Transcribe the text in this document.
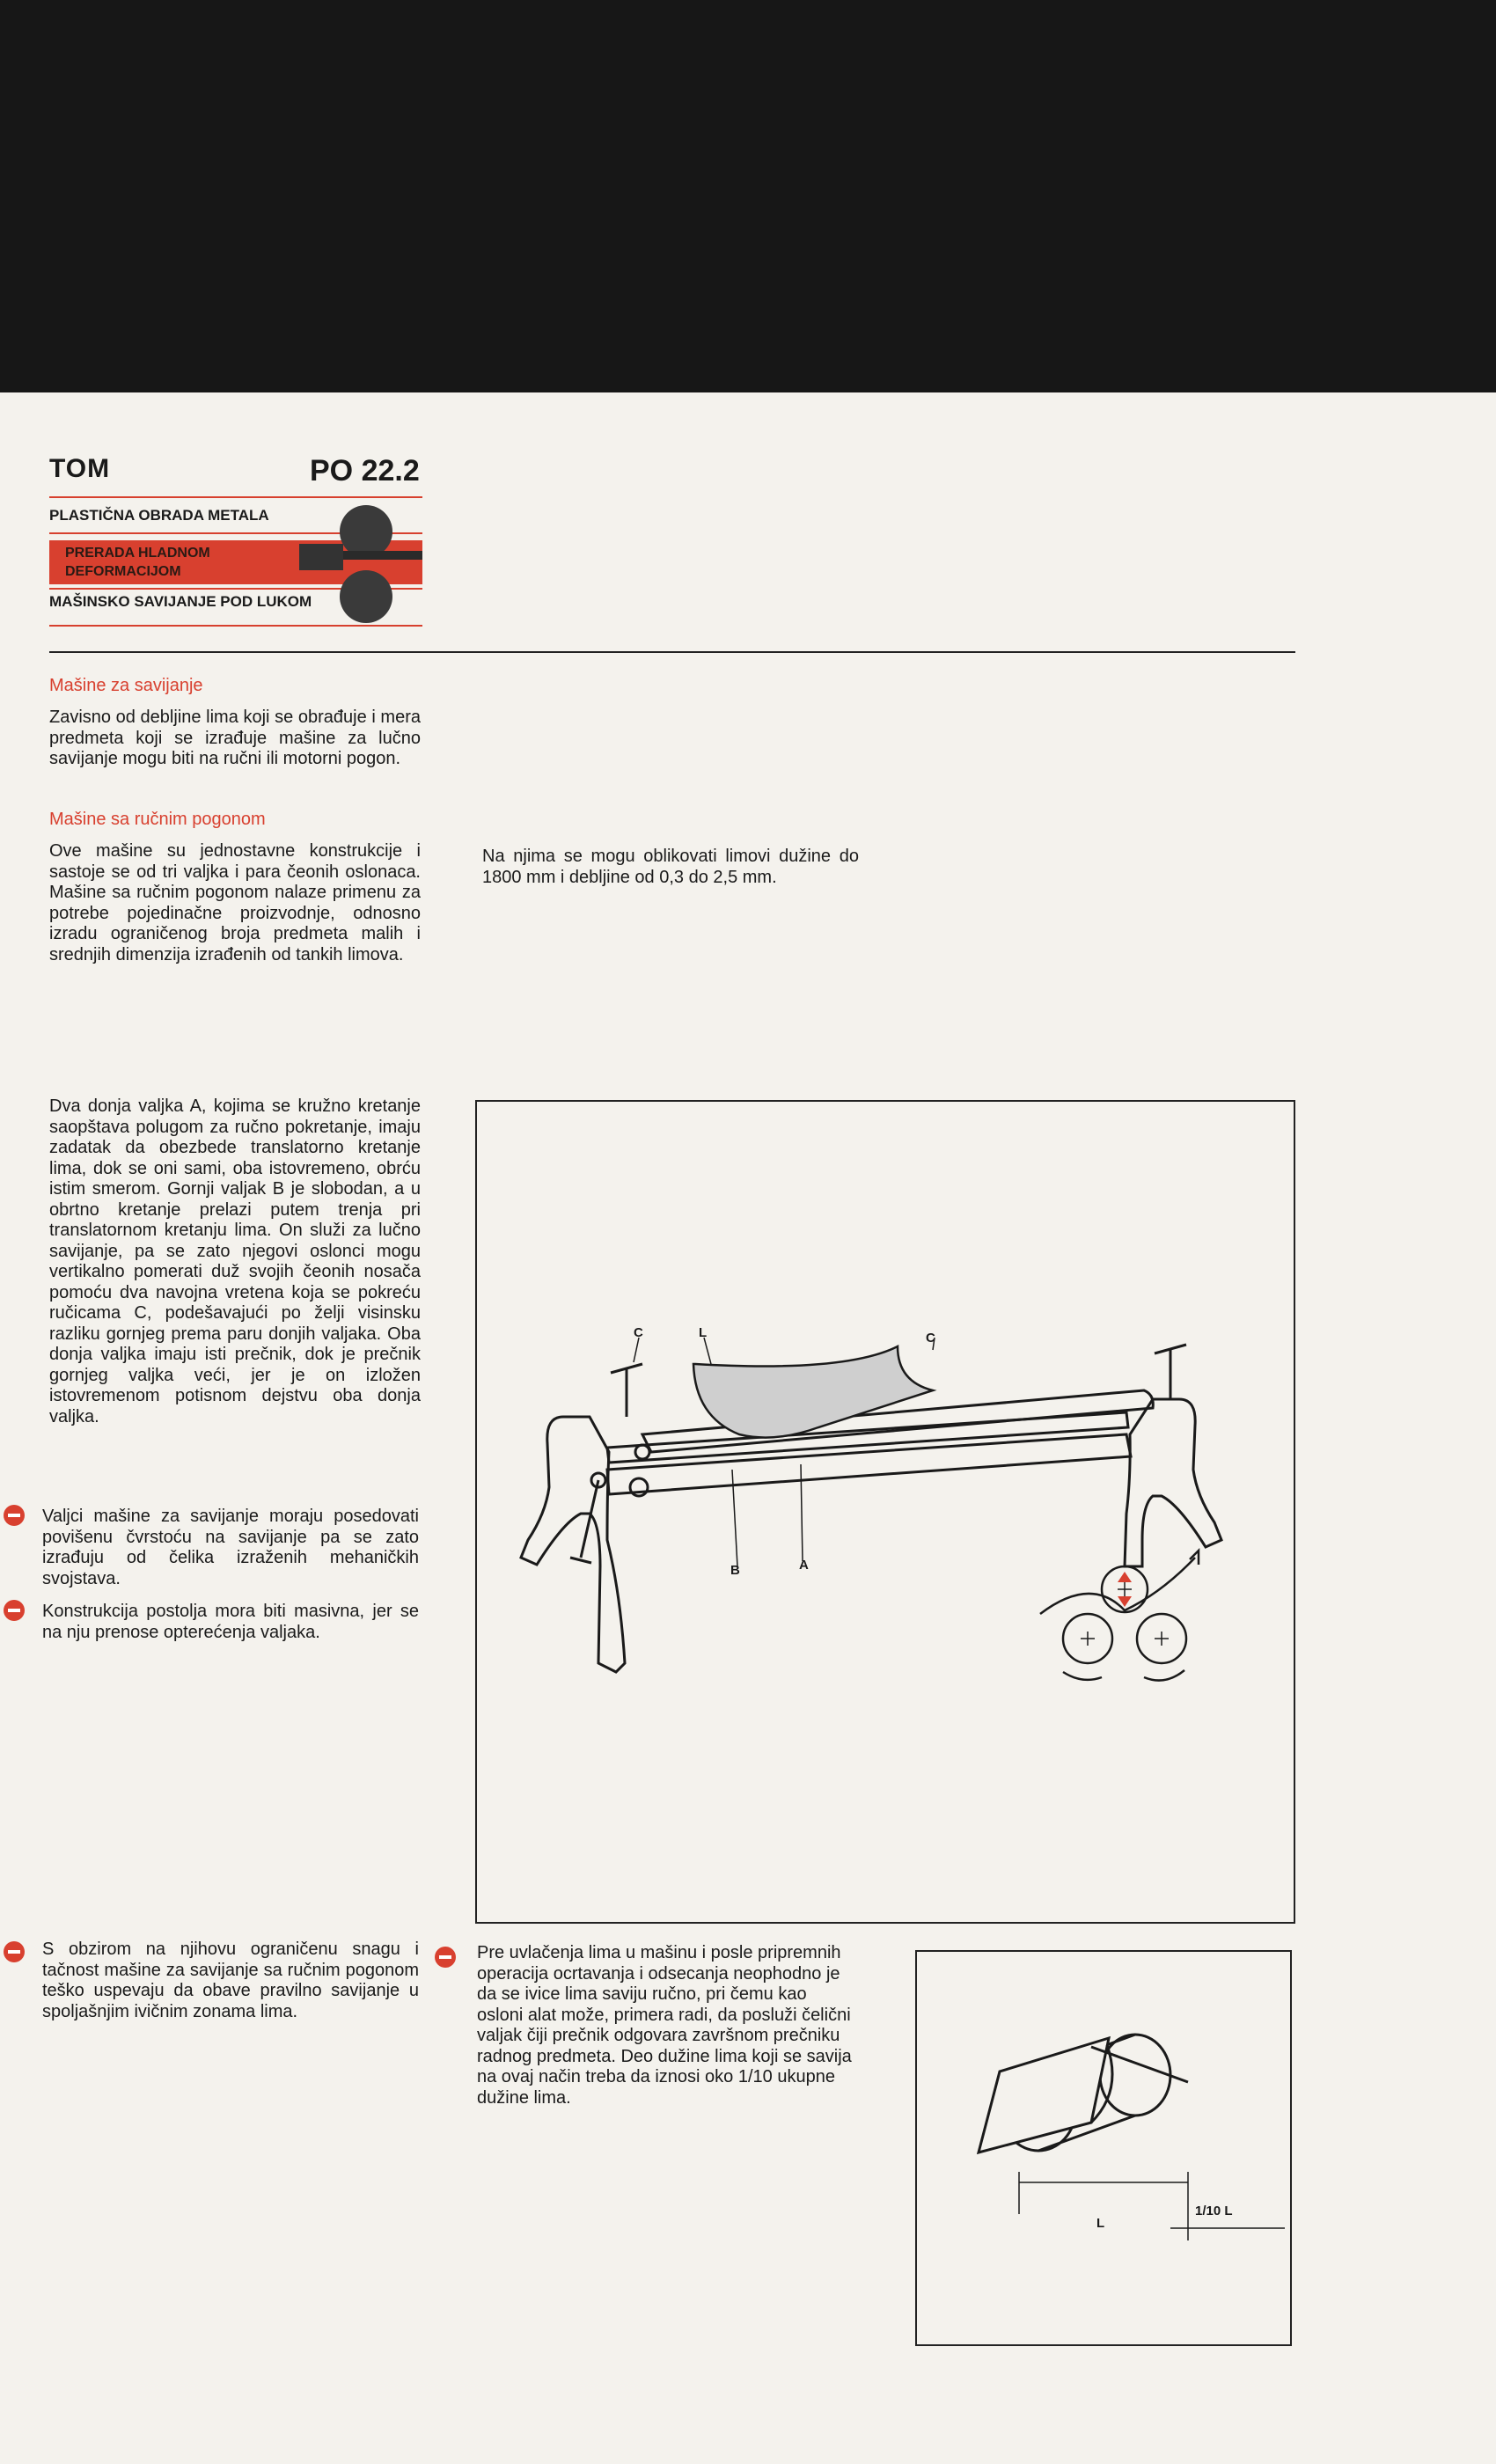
TOM	PO 22.2
PLASTIČNA OBRADA METALA
PRERADA HLADNOM DEFORMACIJOM
MAŠINSKO SAVIJANJE POD LUKOM
Mašine za savijanje
Zavisno od debljine lima koji se obrađuje i mera predmeta koji se izrađuje mašine za lučno savijanje mogu biti na ručni ili motorni pogon.
Mašine sa ručnim pogonom
Ove mašine su jednostavne konstrukcije i sastoje se od tri valjka i para čeonih oslonaca. Mašine sa ručnim pogonom nalaze primenu za potrebe pojedinačne proizvodnje, odnosno izradu ograničenog broja predmeta malih i srednjih dimenzija izrađenih od tankih limova.
Na njima se mogu oblikovati limovi dužine do 1800 mm i debljine od 0,3 do 2,5 mm.
Dva donja valjka A, kojima se kružno kretanje saopštava polugom za ručno pokretanje, imaju zadatak da obezbede translatorno kretanje lima, dok se oni sami, oba istovremeno, obrću istim smerom. Gornji valjak B je slobodan, a u obrtno kretanje prelazi putem trenja pri translatornom kretanju lima. On služi za lučno savijanje, pa se zato njegovi oslonci mogu vertikalno pomerati duž svojih čeonih nosača pomoću dva navojna vretena koja se pokreću ručicama C, podešavajući po želji visinsku razliku gornjeg prema paru donjih valjaka. Oba donja valjka imaju isti prečnik, dok je prečnik gornjeg valjka veći, jer je on izložen istovremenom potisnom dejstvu oba donja valjka.
Valjci mašine za savijanje moraju posedovati povišenu čvrstoću na savijanje pa se zato izrađuju od čelika izraženih mehaničkih svojstava.
Konstrukcija postolja mora biti masivna, jer se na nju prenose opterećenja valjaka.
S obzirom na njihovu ograničenu snagu i tačnost mašine za savijanje sa ručnim pogonom teško uspevaju da obave pravilno savijanje u spoljašnjim ivičnim zonama lima.
Pre uvlačenja lima u mašinu i posle pripremnih operacija ocrtavanja i odsecanja neophodno je da se ivice lima saviju ručno, pri čemu kao osloni alat može, primera radi, da posluži čelični valjak čiji prečnik odgovara završnom prečniku radnog predmeta. Deo dužine lima koji se savija na ovaj način treba da iznosi oko 1/10 ukupne dužine lima.
C	L	C
B	A
L
1/10 L
